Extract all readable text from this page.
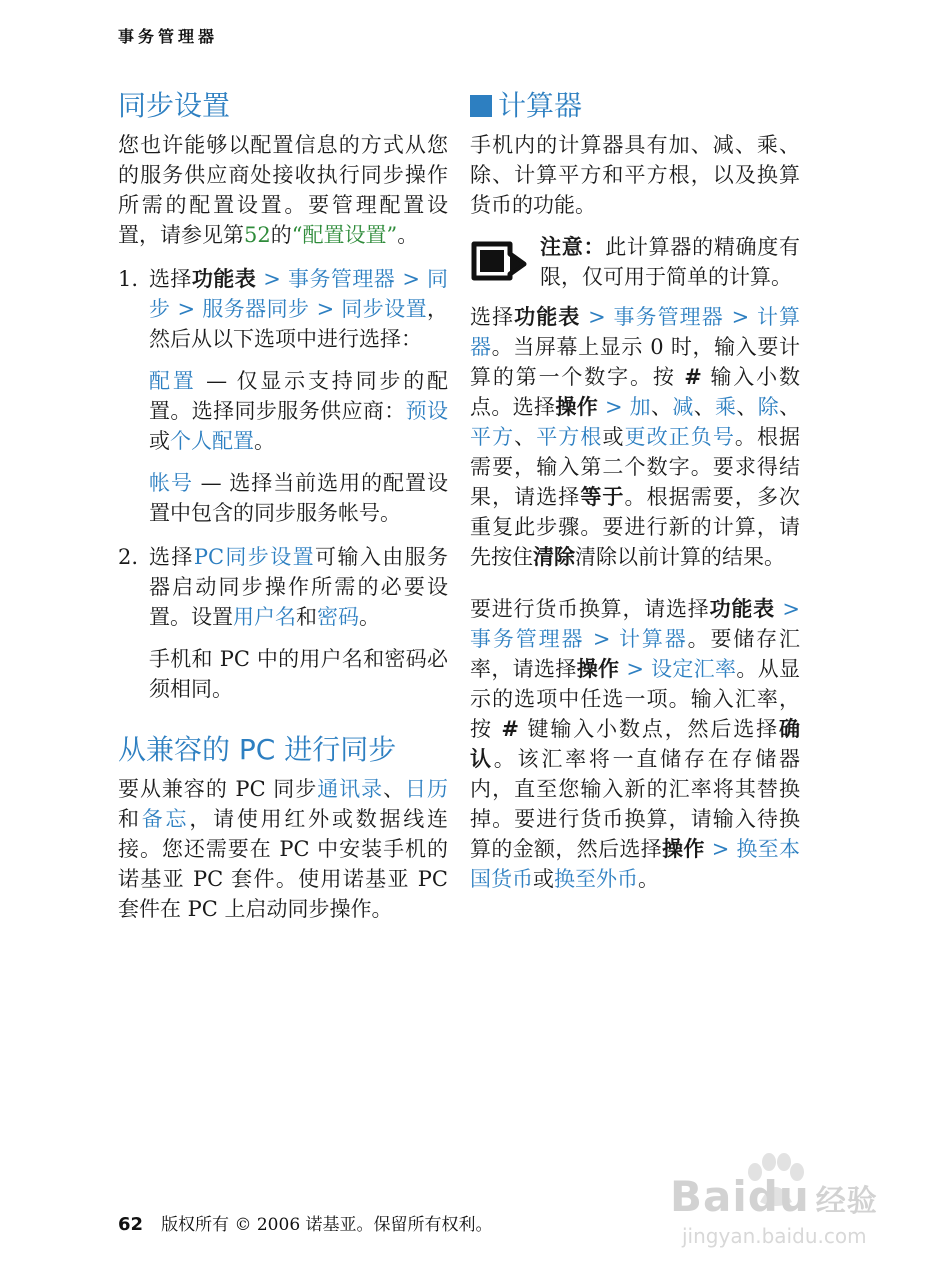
事务管理器
同步设置

您也许能够以配置信息的方式从您的服务供应商处接收执行同步操作所需的配置设置。要管理配置设置，请参见第52的“配置设置”。

1. 选择功能表 > 事务管理器 > 同步 > 服务器同步 > 同步设置，然后从以下选项中进行选择：

配置 — 仅显示支持同步的配置。选择同步服务供应商：预设或个人配置。

帐号 — 选择当前选用的配置设置中包含的同步服务帐号。

2. 选择PC同步设置可输入由服务器启动同步操作所需的必要设置。设置用户名和密码。

手机和 PC 中的用户名和密码必须相同。

从兼容的 PC 进行同步

要从兼容的 PC 同步通讯录、日历和备忘，请使用红外或数据线连接。您还需要在 PC 中安装手机的诺基亚 PC 套件。使用诺基亚 PC 套件在 PC 上启动同步操作。

计算器

手机内的计算器具有加、减、乘、除、计算平方和平方根，以及换算货币的功能。

注意：此计算器的精确度有限，仅可用于简单的计算。

选择功能表 > 事务管理器 > 计算器。当屏幕上显示 0 时，输入要计算的第一个数字。按 # 输入小数点。选择操作 > 加、减、乘、除、平方、平方根或更改正负号。根据需要，输入第二个数字。要求得结果，请选择等于。根据需要，多次重复此步骤。要进行新的计算，请先按住清除清除以前计算的结果。

要进行货币换算，请选择功能表 > 事务管理器 > 计算器。要储存汇率，请选择操作 > 设定汇率。从显示的选项中任选一项。输入汇率，按 # 键输入小数点，然后选择确认。该汇率将一直储存在存储器内，直至您输入新的汇率将其替换掉。要进行货币换算，请输入待换算的金额，然后选择操作 > 换至本国货币或换至外币。

62 版权所有 © 2006 诺基亚。保留所有权利。
Baidu 经验
jingyan.baidu.com
